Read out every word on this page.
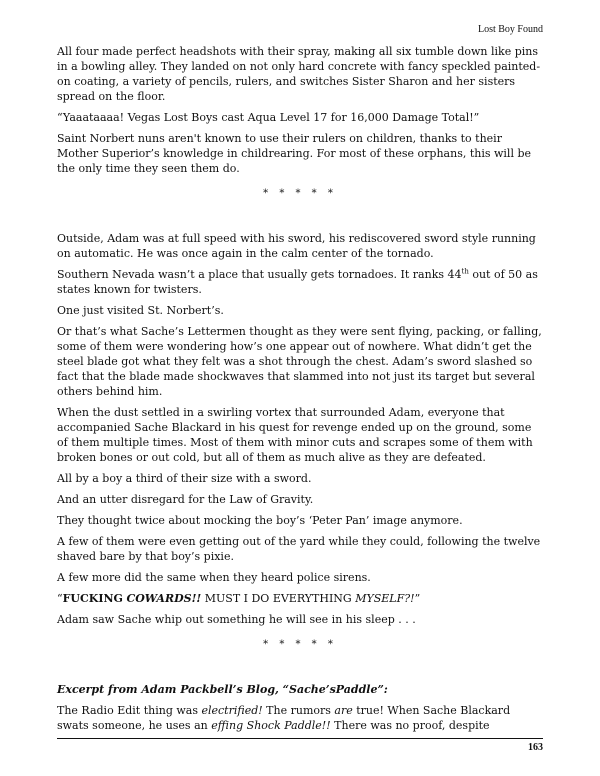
Lost Boy Found

All four made perfect headshots with their spray, making all six tumble down like pins in a bowling alley. They landed on not only hard concrete with fancy speckled painted-on coating, a variety of pencils, rulers, and switches Sister Sharon and her sisters spread on the floor.

“Yaaataaaa! Vegas Lost Boys cast Aqua Level 17 for 16,000 Damage Total!”

Saint Norbert nuns aren't known to use their rulers on children, thanks to their Mother Superior’s knowledge in childrearing. For most of these orphans, this will be the only time they seen them do.

* * * * *

Outside, Adam was at full speed with his sword, his rediscovered sword style running on automatic. He was once again in the calm center of the tornado.

Southern Nevada wasn’t a place that usually gets tornadoes. It ranks 44th out of 50 as states known for twisters.

One just visited St. Norbert’s.

Or that’s what Sache’s Lettermen thought as they were sent flying, packing, or falling, some of them were wondering how’s one appear out of nowhere. What didn’t get the steel blade got what they felt was a shot through the chest. Adam’s sword slashed so fact that the blade made shockwaves that slammed into not just its target but several others behind him.

When the dust settled in a swirling vortex that surrounded Adam, everyone that accompanied Sache Blackard in his quest for revenge ended up on the ground, some of them multiple times. Most of them with minor cuts and scrapes some of them with broken bones or out cold, but all of them as much alive as they are defeated.

All by a boy a third of their size with a sword.

And an utter disregard for the Law of Gravity.

They thought twice about mocking the boy’s ‘Peter Pan’ image anymore.

A few of them were even getting out of the yard while they could, following the twelve shaved bare by that boy’s pixie.

A few more did the same when they heard police sirens.

“FUCKING COWARDS!! MUST I DO EVERYTHING MYSELF?!”

Adam saw Sache whip out something he will see in his sleep . . .

* * * * *

Excerpt from Adam Packbell’s Blog, “Sache’sPaddle”:

The Radio Edit thing was electrified! The rumors are true! When Sache Blackard swats someone, he uses an effing Shock Paddle!! There was no proof, despite

163
